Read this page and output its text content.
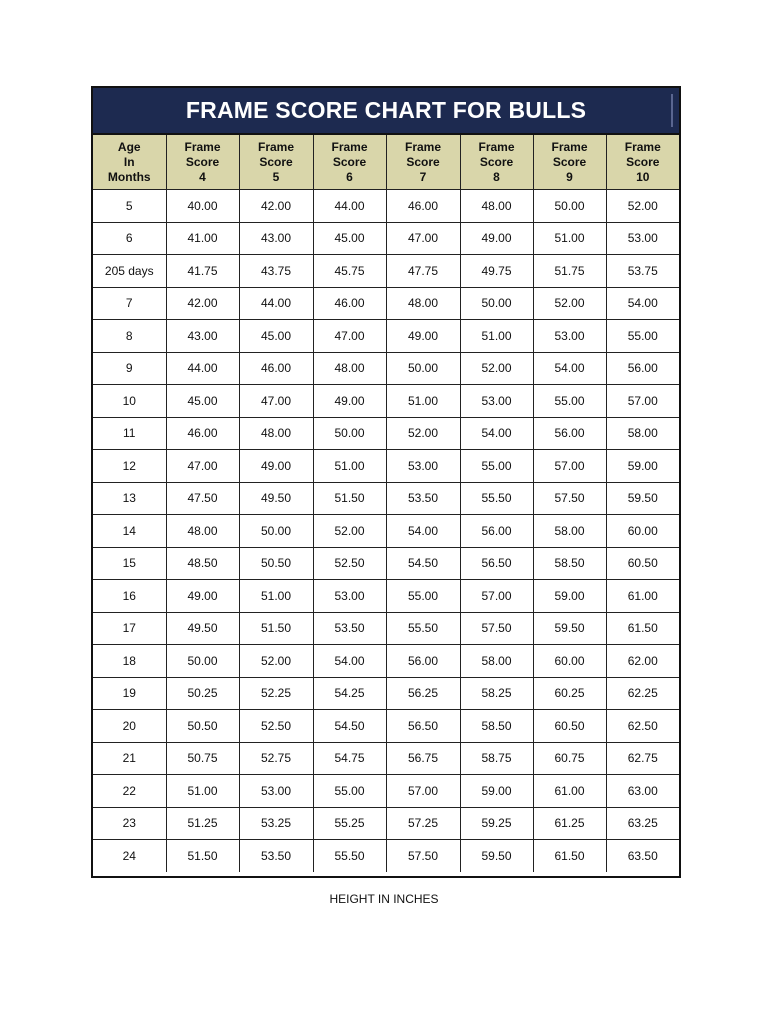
FRAME SCORE CHART FOR BULLS
Age
In
Months	Frame
Score
4	Frame
Score
5	Frame
Score
6	Frame
Score
7	Frame
Score
8	Frame
Score
9	Frame
Score
10

5	40.00	42.00	44.00	46.00	48.00	50.00	52.00
6	41.00	43.00	45.00	47.00	49.00	51.00	53.00
205 days	41.75	43.75	45.75	47.75	49.75	51.75	53.75
7	42.00	44.00	46.00	48.00	50.00	52.00	54.00
8	43.00	45.00	47.00	49.00	51.00	53.00	55.00
9	44.00	46.00	48.00	50.00	52.00	54.00	56.00
10	45.00	47.00	49.00	51.00	53.00	55.00	57.00
11	46.00	48.00	50.00	52.00	54.00	56.00	58.00
12	47.00	49.00	51.00	53.00	55.00	57.00	59.00
13	47.50	49.50	51.50	53.50	55.50	57.50	59.50
14	48.00	50.00	52.00	54.00	56.00	58.00	60.00
15	48.50	50.50	52.50	54.50	56.50	58.50	60.50
16	49.00	51.00	53.00	55.00	57.00	59.00	61.00
17	49.50	51.50	53.50	55.50	57.50	59.50	61.50
18	50.00	52.00	54.00	56.00	58.00	60.00	62.00
19	50.25	52.25	54.25	56.25	58.25	60.25	62.25
20	50.50	52.50	54.50	56.50	58.50	60.50	62.50
21	50.75	52.75	54.75	56.75	58.75	60.75	62.75
22	51.00	53.00	55.00	57.00	59.00	61.00	63.00
23	51.25	53.25	55.25	57.25	59.25	61.25	63.25
24	51.50	53.50	55.50	57.50	59.50	61.50	63.50
HEIGHT IN INCHES
